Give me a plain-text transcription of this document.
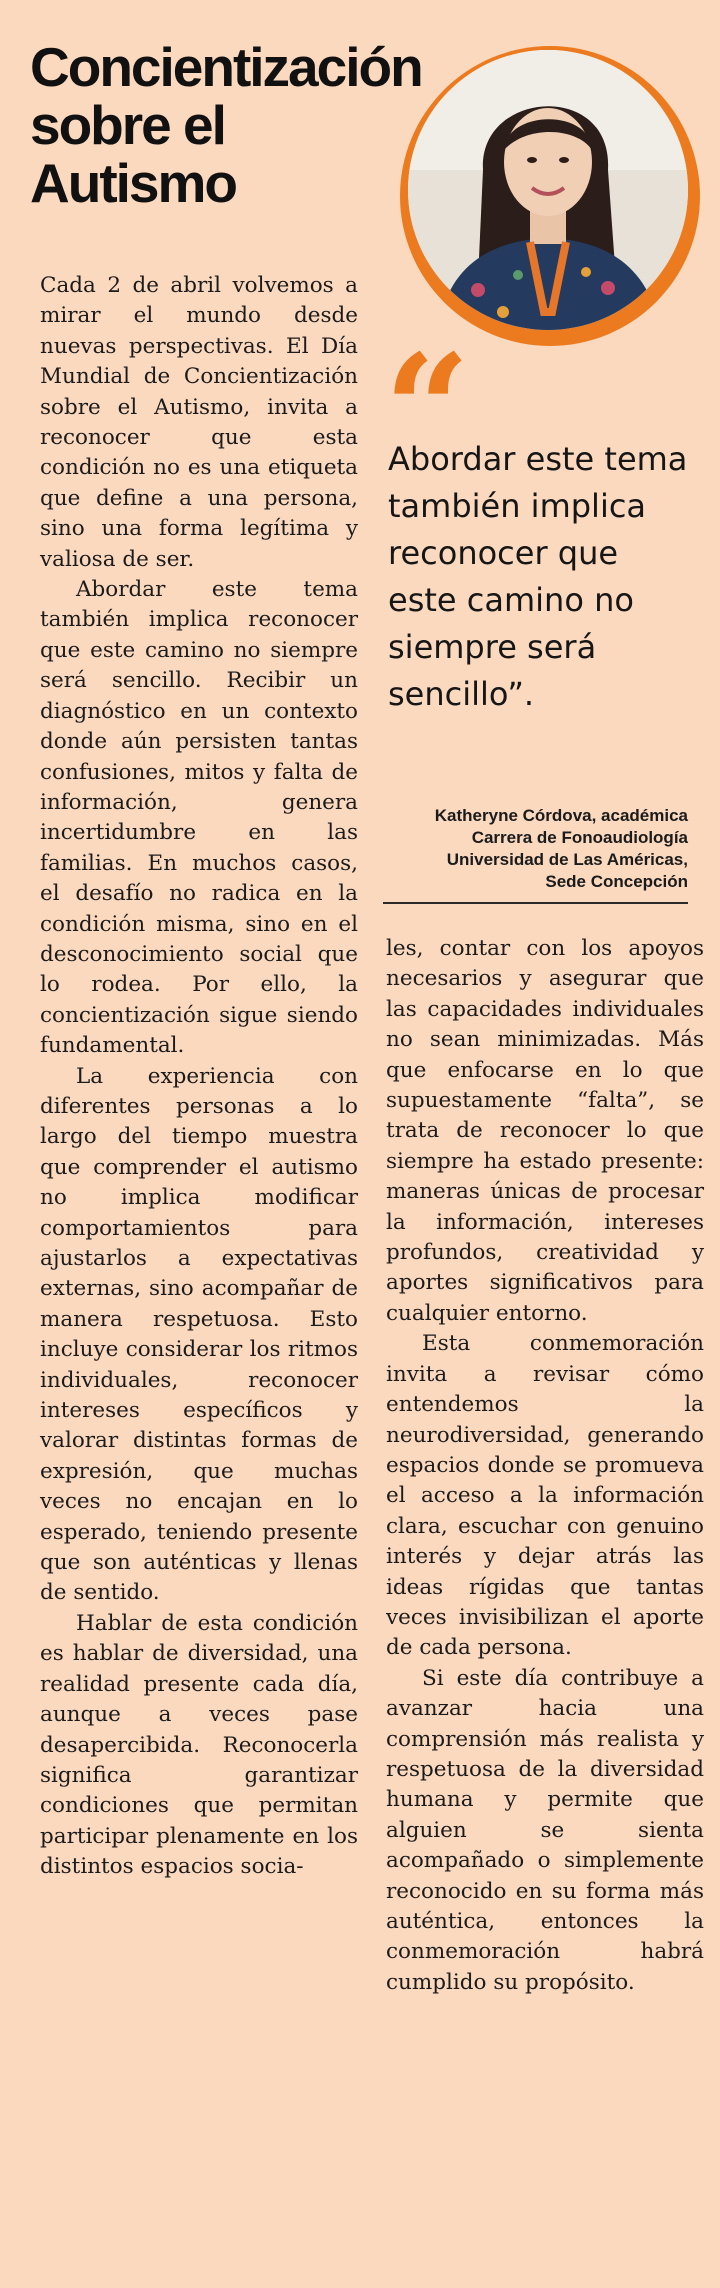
Concientización
sobre el
Autismo

Cada 2 de abril volvemos a mirar el mundo desde nuevas perspectivas. El Día Mundial de Concientización sobre el Autismo, invita a reconocer que esta condición no es una etiqueta que define a una persona, sino una forma legítima y valiosa de ser.

Abordar este tema también implica reconocer que este camino no siempre será sencillo. Recibir un diagnóstico en un contexto donde aún persisten tantas confusiones, mitos y falta de información, genera incertidumbre en las familias. En muchos casos, el desafío no radica en la condición misma, sino en el desconocimiento social que lo rodea. Por ello, la concientización sigue siendo fundamental.

La experiencia con diferentes personas a lo largo del tiempo muestra que comprender el autismo no implica modificar comportamientos para ajustarlos a expectativas externas, sino acompañar de manera respetuosa. Esto incluye considerar los ritmos individuales, reconocer intereses específicos y valorar distintas formas de expresión, que muchas veces no encajan en lo esperado, teniendo presente que son auténticas y llenas de sentido.

Hablar de esta condición es hablar de diversidad, una realidad presente cada día, aunque a veces pase desapercibida. Reconocerla significa garantizar condiciones que permitan participar plenamente en los distintos espacios socia-

“

Abordar este tema también implica reconocer que este camino no siempre será sencillo”.

Katheryne Córdova, académica
Carrera de Fonoaudiología
Universidad de Las Américas,
Sede Concepción

les, contar con los apoyos necesarios y asegurar que las capacidades individuales no sean minimizadas. Más que enfocarse en lo que supuestamente “falta”, se trata de reconocer lo que siempre ha estado presente: maneras únicas de procesar la información, intereses profundos, creatividad y aportes significativos para cualquier entorno.

Esta conmemoración invita a revisar cómo entendemos la neurodiversidad, generando espacios donde se promueva el acceso a la información clara, escuchar con genuino interés y dejar atrás las ideas rígidas que tantas veces invisibilizan el aporte de cada persona.

Si este día contribuye a avanzar hacia una comprensión más realista y respetuosa de la diversidad humana y permite que alguien se sienta acompañado o simplemente reconocido en su forma más auténtica, entonces la conmemoración habrá cumplido su propósito.
